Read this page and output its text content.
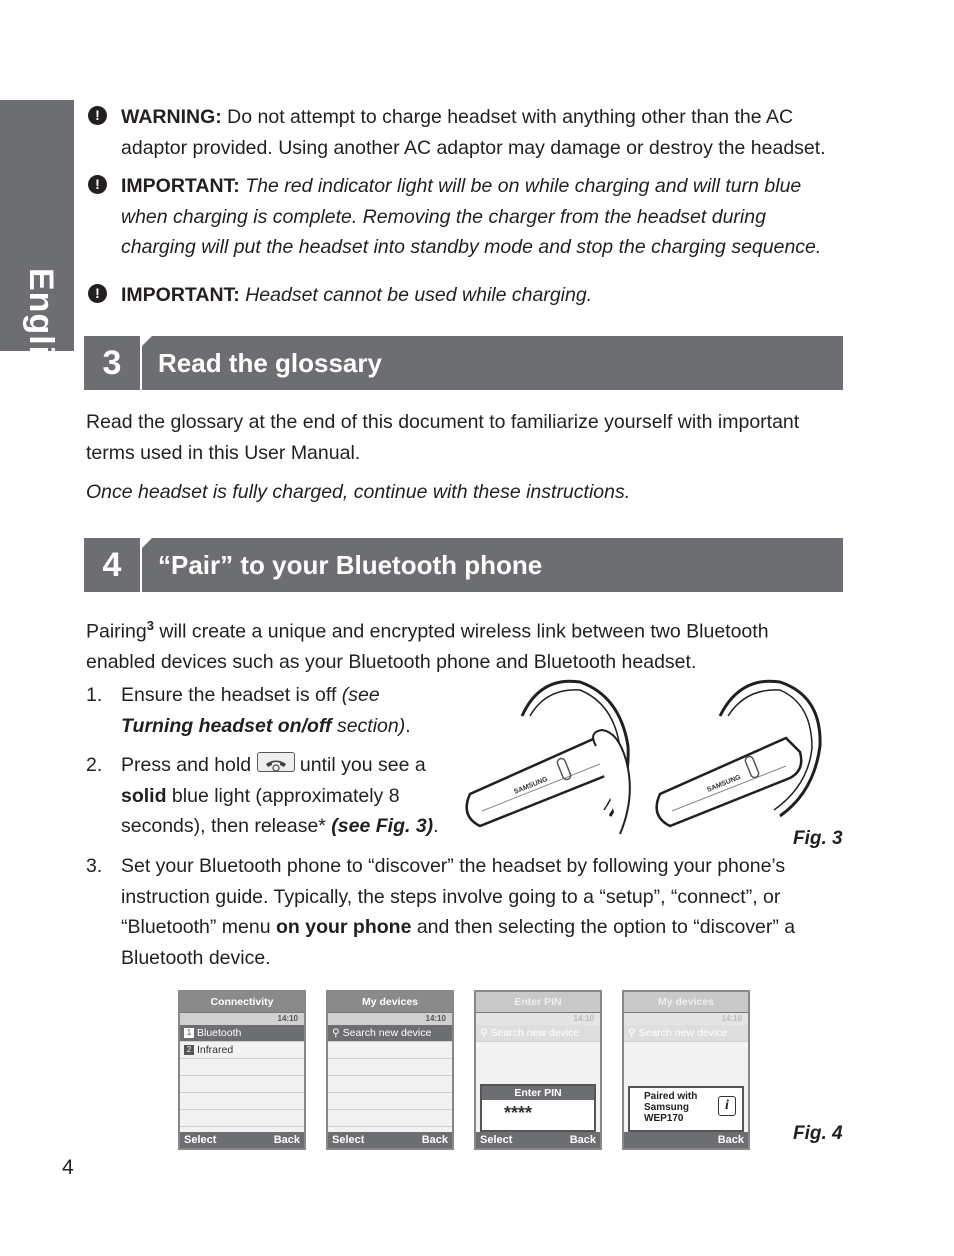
English
!	WARNING: Do not attempt to charge headset with anything other than the AC adaptor provided. Using another AC adaptor may damage or destroy the headset.
!	IMPORTANT: The red indicator light will be on while charging and will turn blue when charging is complete. Removing the charger from the headset during charging will put the headset into standby mode and stop the charging sequence.
!	IMPORTANT: Headset cannot be used while charging.
3	Read the glossary
Read the glossary at the end of this document to familiarize yourself with important terms used in this User Manual.
Once headset is fully charged, continue with these instructions.
4	“Pair” to your Bluetooth phone
Pairing$^3$ will create a unique and encrypted wireless link between two Bluetooth enabled devices such as your Bluetooth phone and Bluetooth headset.
1. Ensure the headset is off (see Turning headset on/off section).
2. Press and hold  until you see a solid blue light (approximately 8 seconds), then release* (see Fig. 3).
SAMSUNG	SAMSUNG
Fig. 3
3. Set your Bluetooth phone to “discover” the headset by following your phone’s instruction guide. Typically, the steps involve going to a “setup”, “connect”, or “Bluetooth” menu on your phone and then selecting the option to “discover” a Bluetooth device.
Connectivity
14:10
1 Bluetooth
2 Infrared
Select	Back
My devices
14:10
⚲ Search new device
Select	Back
Enter PIN
14:10
⚲ Search new device
Enter PIN
****
Select	Back
My devices
14:10
⚲ Search new device
Paired with Samsung WEP170
i
Back	Fig. 4
4
